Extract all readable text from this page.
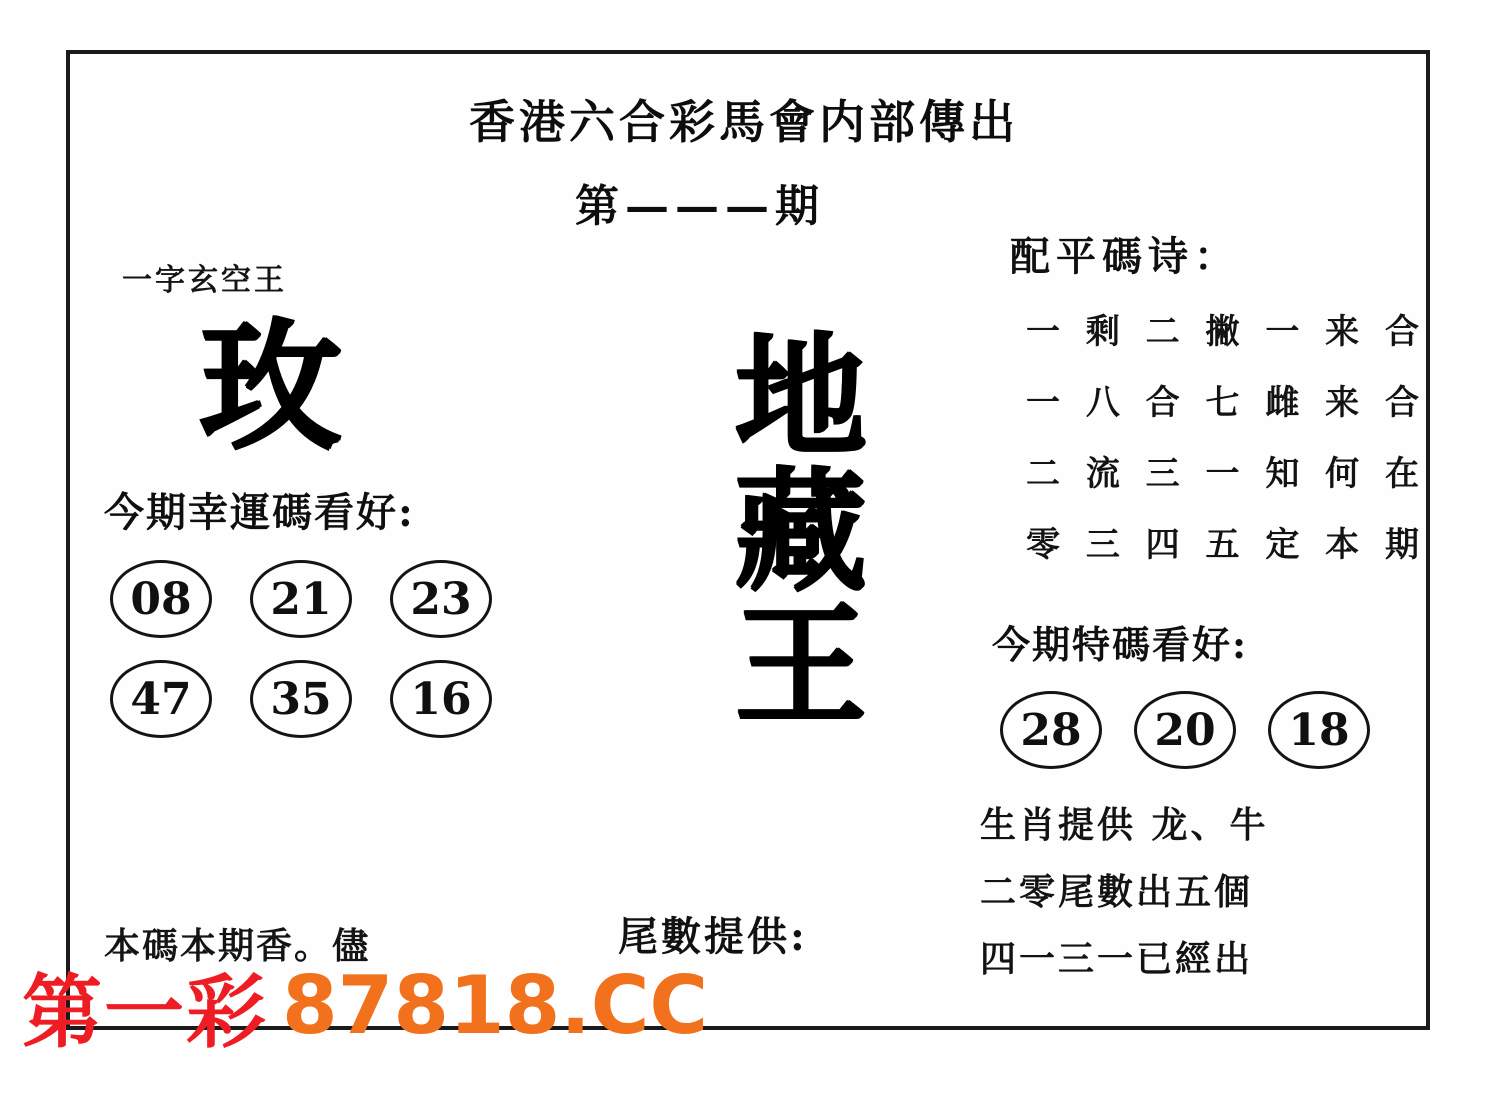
香港六合彩馬會内部傳出
第———期
一字玄空王
玫
今期幸運碼看好:
08	21	23
47	35	16
本碼本期香。儘
地
藏
王
尾數提供:
配平碼诗：
一 剩 二 撇 一 来 合
一 八 合 七 雌 来 合
二 流 三 一 知 何 在
零 三 四 五 定 本 期
今期特碼看好:
28	20	18
生肖提供 龙、牛
二零尾數出五個
四一三一已經出
第一彩 87818.CC
